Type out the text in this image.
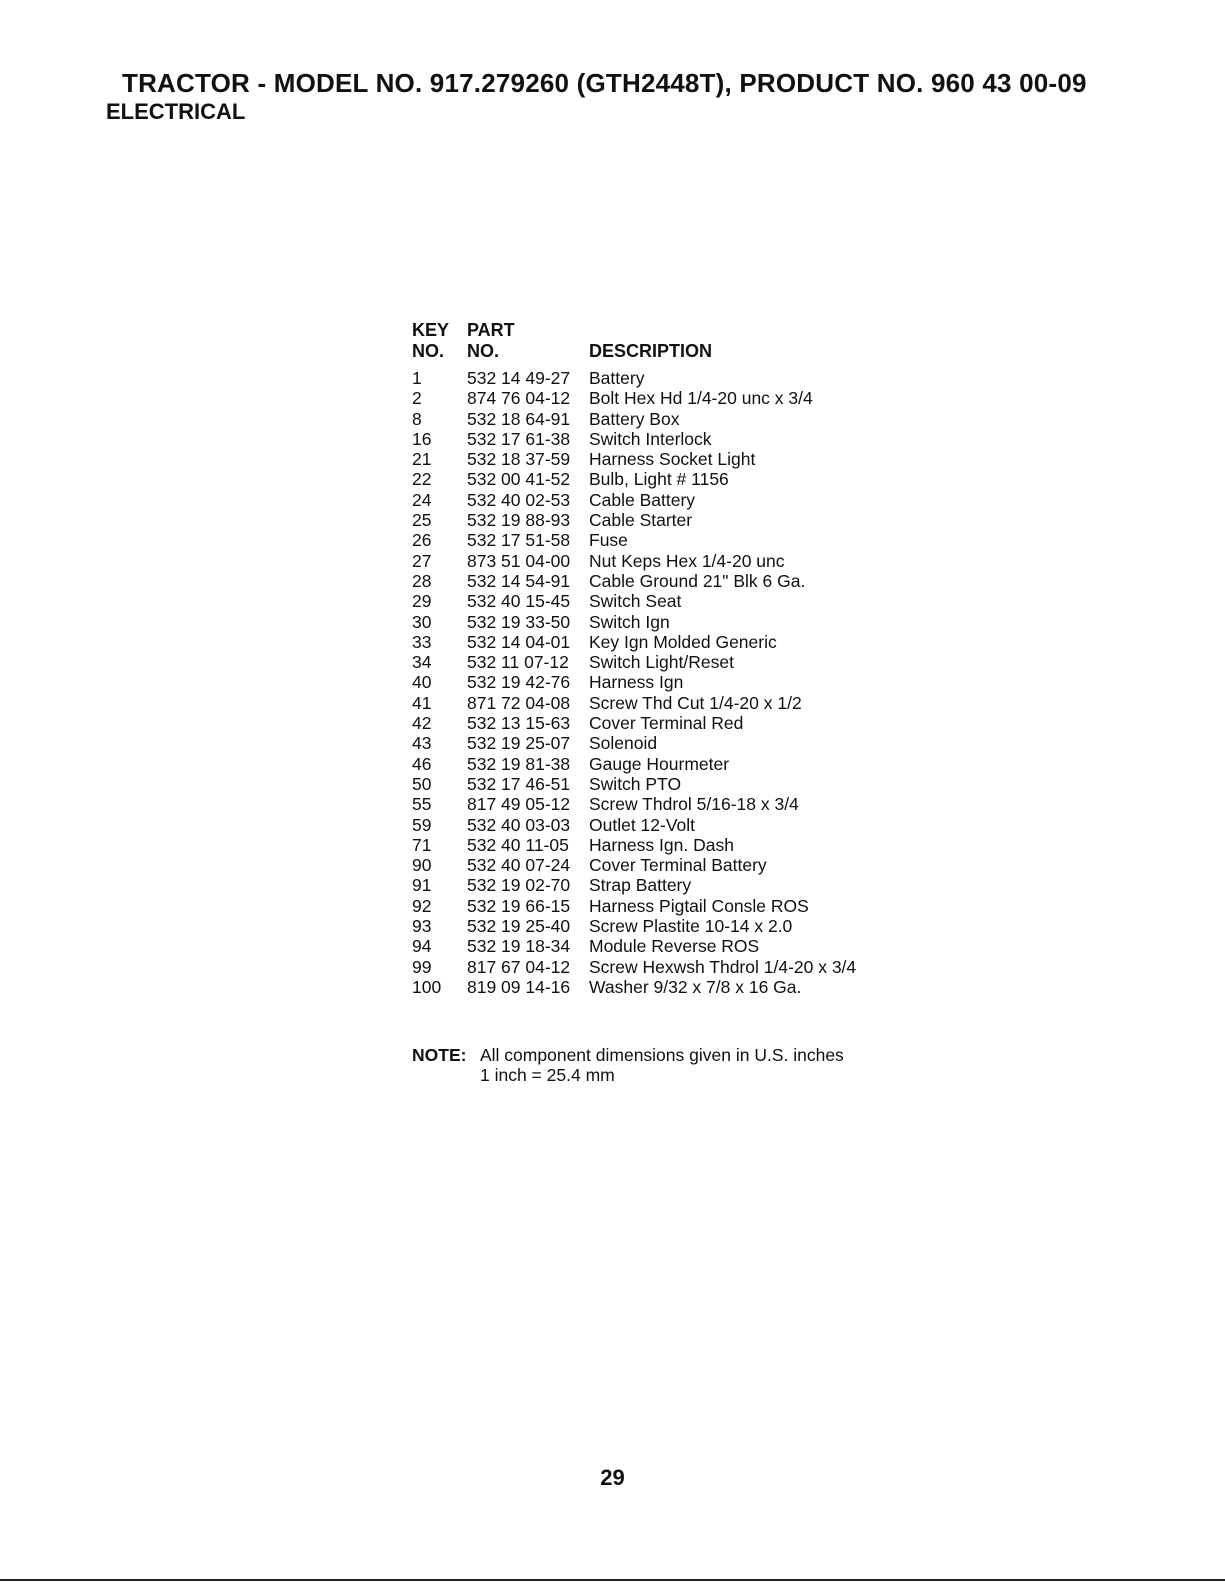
TRACTOR - MODEL NO. 917.279260 (GTH2448T), PRODUCT NO. 960 43 00-09
ELECTRICAL
KEY	PART	
NO.	NO.	DESCRIPTION
1	532 14 49-27	Battery
2	874 76 04-12	Bolt Hex Hd 1/4-20 unc x 3/4
8	532 18 64-91	Battery Box
16	532 17 61-38	Switch Interlock
21	532 18 37-59	Harness Socket Light
22	532 00 41-52	Bulb, Light # 1156
24	532 40 02-53	Cable Battery
25	532 19 88-93	Cable Starter
26	532 17 51-58	Fuse
27	873 51 04-00	Nut Keps Hex 1/4-20 unc
28	532 14 54-91	Cable Ground 21" Blk 6 Ga.
29	532 40 15-45	Switch Seat
30	532 19 33-50	Switch Ign
33	532 14 04-01	Key Ign Molded Generic
34	532 11 07-12	Switch Light/Reset
40	532 19 42-76	Harness Ign
41	871 72 04-08	Screw Thd Cut 1/4-20 x 1/2
42	532 13 15-63	Cover Terminal Red
43	532 19 25-07	Solenoid
46	532 19 81-38	Gauge Hourmeter
50	532 17 46-51	Switch PTO
55	817 49 05-12	Screw Thdrol 5/16-18 x 3/4
59	532 40 03-03	Outlet 12-Volt
71	532 40 11-05	Harness Ign. Dash
90	532 40 07-24	Cover Terminal Battery
91	532 19 02-70	Strap Battery
92	532 19 66-15	Harness Pigtail Consle ROS
93	532 19 25-40	Screw Plastite 10-14 x 2.0
94	532 19 18-34	Module Reverse ROS
99	817 67 04-12	Screw Hexwsh Thdrol 1/4-20 x 3/4
100	819 09 14-16	Washer 9/32 x 7/8 x 16 Ga.
NOTE: All component dimensions given in U.S. inches
1 inch = 25.4 mm
29
